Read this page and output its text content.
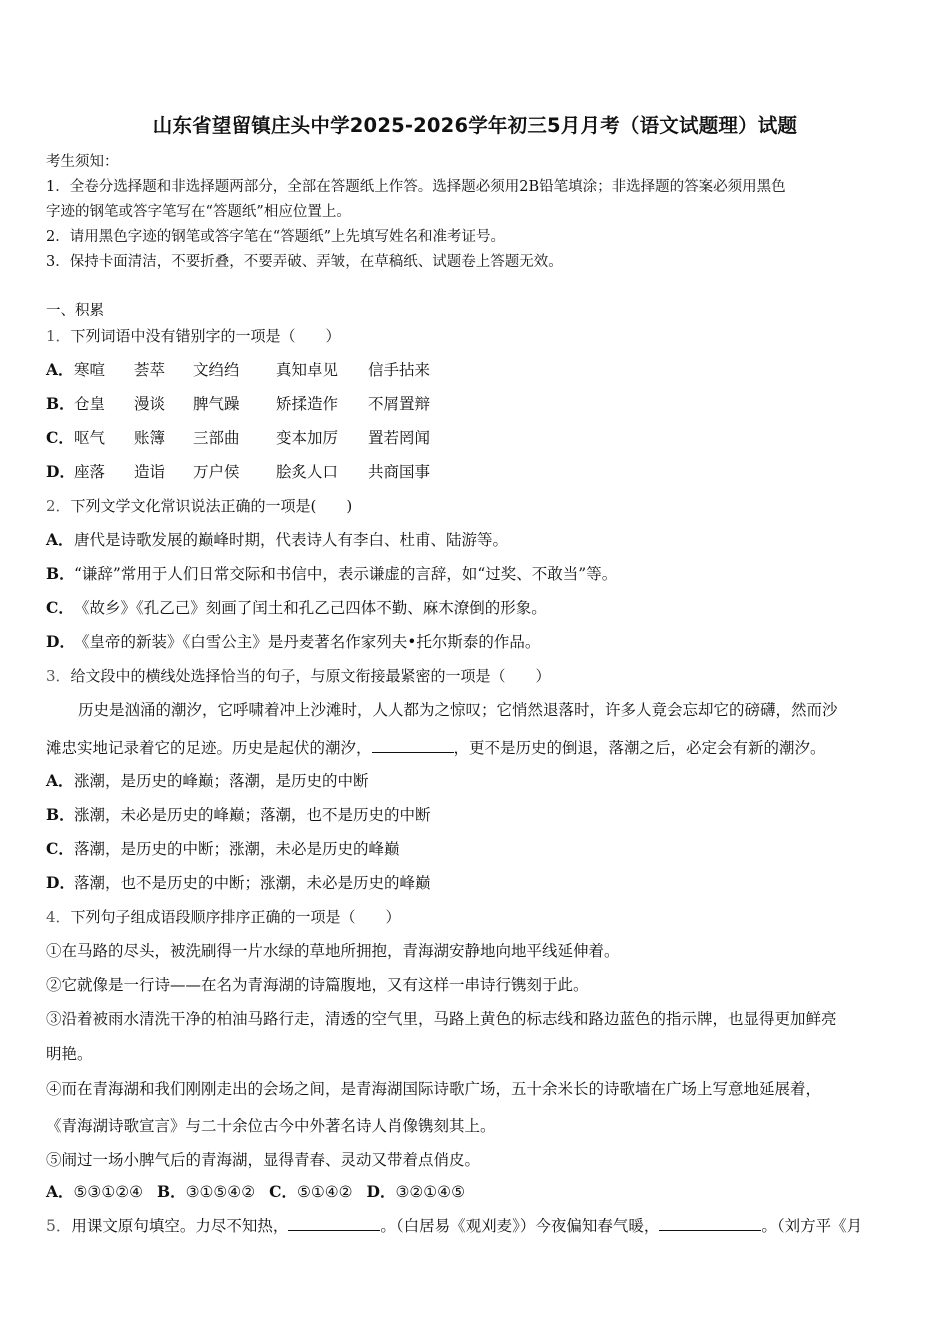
山东省望留镇庄头中学2025-2026学年初三5月月考（语文试题理）试题
考生须知：
1．全卷分选择题和非选择题两部分，全部在答题纸上作答。选择题必须用2B铅笔填涂；非选择题的答案必须用黑色
字迹的钢笔或答字笔写在“答题纸”相应位置上。
2．请用黑色字迹的钢笔或答字笔在“答题纸”上先填写姓名和准考证号。
3．保持卡面清洁，不要折叠，不要弄破、弄皱，在草稿纸、试题卷上答题无效。
一、积累
1．下列词语中没有错别字的一项是（　　）
A．寒喧 荟萃 文绉绉 真知卓见 信手拈来
B．仓皇 漫谈 脾气躁 矫揉造作 不屑置辩
C．呕气 账簿 三部曲 变本加厉 置若罔闻
D．座落 造诣 万户侯 脍炙人口 共商国事
2．下列文学文化常识说法正确的一项是(　　)
A．唐代是诗歌发展的巅峰时期，代表诗人有李白、杜甫、陆游等。
B．“谦辞”常用于人们日常交际和书信中，表示谦虚的言辞，如“过奖、不敢当”等。
C．《故乡》《孔乙己》刻画了闰土和孔乙己四体不勤、麻木潦倒的形象。
D．《皇帝的新装》《白雪公主》是丹麦著名作家列夫•托尔斯泰的作品。
3．给文段中的横线处选择恰当的句子，与原文衔接最紧密的一项是（　　）
历史是汹涌的潮汐，它呼啸着冲上沙滩时，人人都为之惊叹；它悄然退落时，许多人竟会忘却它的磅礴，然而沙
滩忠实地记录着它的足迹。历史是起伏的潮汐，	，更不是历史的倒退，落潮之后，必定会有新的潮汐。
A．涨潮，是历史的峰巅；落潮，是历史的中断
B．涨潮，未必是历史的峰巅；落潮，也不是历史的中断
C．落潮，是历史的中断；涨潮，未必是历史的峰巅
D．落潮，也不是历史的中断；涨潮，未必是历史的峰巅
4．下列句子组成语段顺序排序正确的一项是（　　）
①在马路的尽头，被洗刷得一片水绿的草地所拥抱，青海湖安静地向地平线延伸着。
②它就像是一行诗——在名为青海湖的诗篇腹地，又有这样一串诗行镌刻于此。
③沿着被雨水清洗干净的柏油马路行走，清透的空气里，马路上黄色的标志线和路边蓝色的指示牌，也显得更加鲜亮
明艳。
④而在青海湖和我们刚刚走出的会场之间，是青海湖国际诗歌广场，五十余米长的诗歌墙在广场上写意地延展着，
《青海湖诗歌宣言》与二十余位古今中外著名诗人肖像镌刻其上。
⑤闹过一场小脾气后的青海湖，显得青春、灵动又带着点俏皮。
A．⑤③①②④ B．③①⑤④② C．⑤①④② D．③②①④⑤
5．用课文原句填空。力尽不知热，	。（白居易《观刈麦》）今夜偏知春气暖，	。（刘方平《月
